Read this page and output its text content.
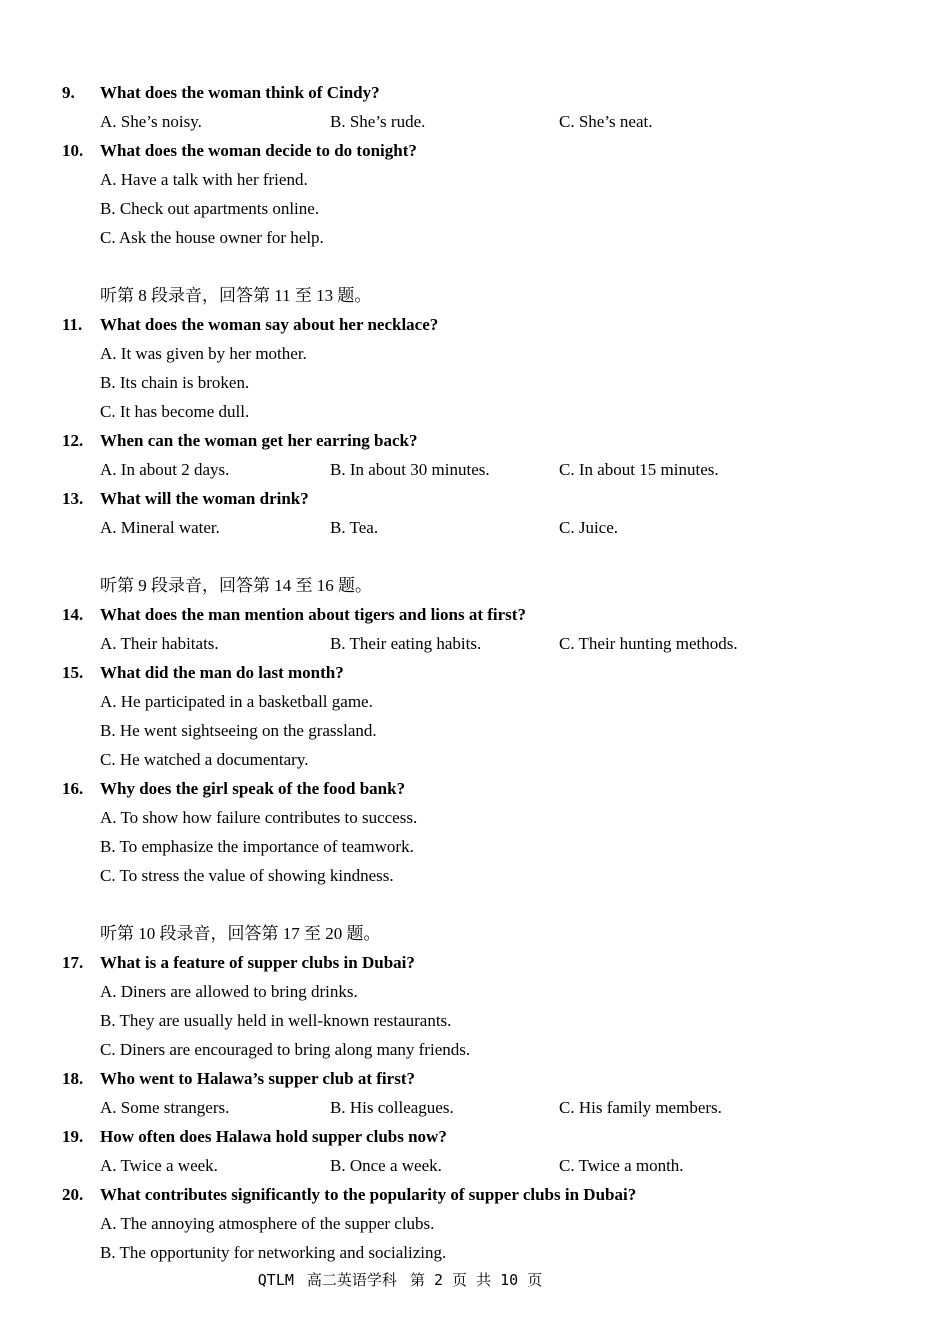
9. What does the woman think of Cindy?
A. She’s noisy.	B. She’s rude.	C. She’s neat.
10. What does the woman decide to do tonight?
A. Have a talk with her friend.
B. Check out apartments online.
C. Ask the house owner for help.
听第 8 段录音，回答第 11 至 13 题。
11. What does the woman say about her necklace?
A. It was given by her mother.
B. Its chain is broken.
C. It has become dull.
12. When can the woman get her earring back?
A. In about 2 days.	B. In about 30 minutes.	C. In about 15 minutes.
13. What will the woman drink?
A. Mineral water.	B. Tea.	C. Juice.
听第 9 段录音，回答第 14 至 16 题。
14. What does the man mention about tigers and lions at first?
A. Their habitats.	B. Their eating habits.	C. Their hunting methods.
15. What did the man do last month?
A. He participated in a basketball game.
B. He went sightseeing on the grassland.
C. He watched a documentary.
16. Why does the girl speak of the food bank?
A. To show how failure contributes to success.
B. To emphasize the importance of teamwork.
C. To stress the value of showing kindness.
听第 10 段录音，回答第 17 至 20 题。
17. What is a feature of supper clubs in Dubai?
A. Diners are allowed to bring drinks.
B. They are usually held in well-known restaurants.
C. Diners are encouraged to bring along many friends.
18. Who went to Halawa’s supper club at first?
A. Some strangers.	B. His colleagues.	C. His family members.
19. How often does Halawa hold supper clubs now?
A. Twice a week.	B. Once a week.	C. Twice a month.
20. What contributes significantly to the popularity of supper clubs in Dubai?
A. The annoying atmosphere of the supper clubs.
B. The opportunity for networking and socializing.
QTLM 高二英语学科 第 2 页 共 10 页
